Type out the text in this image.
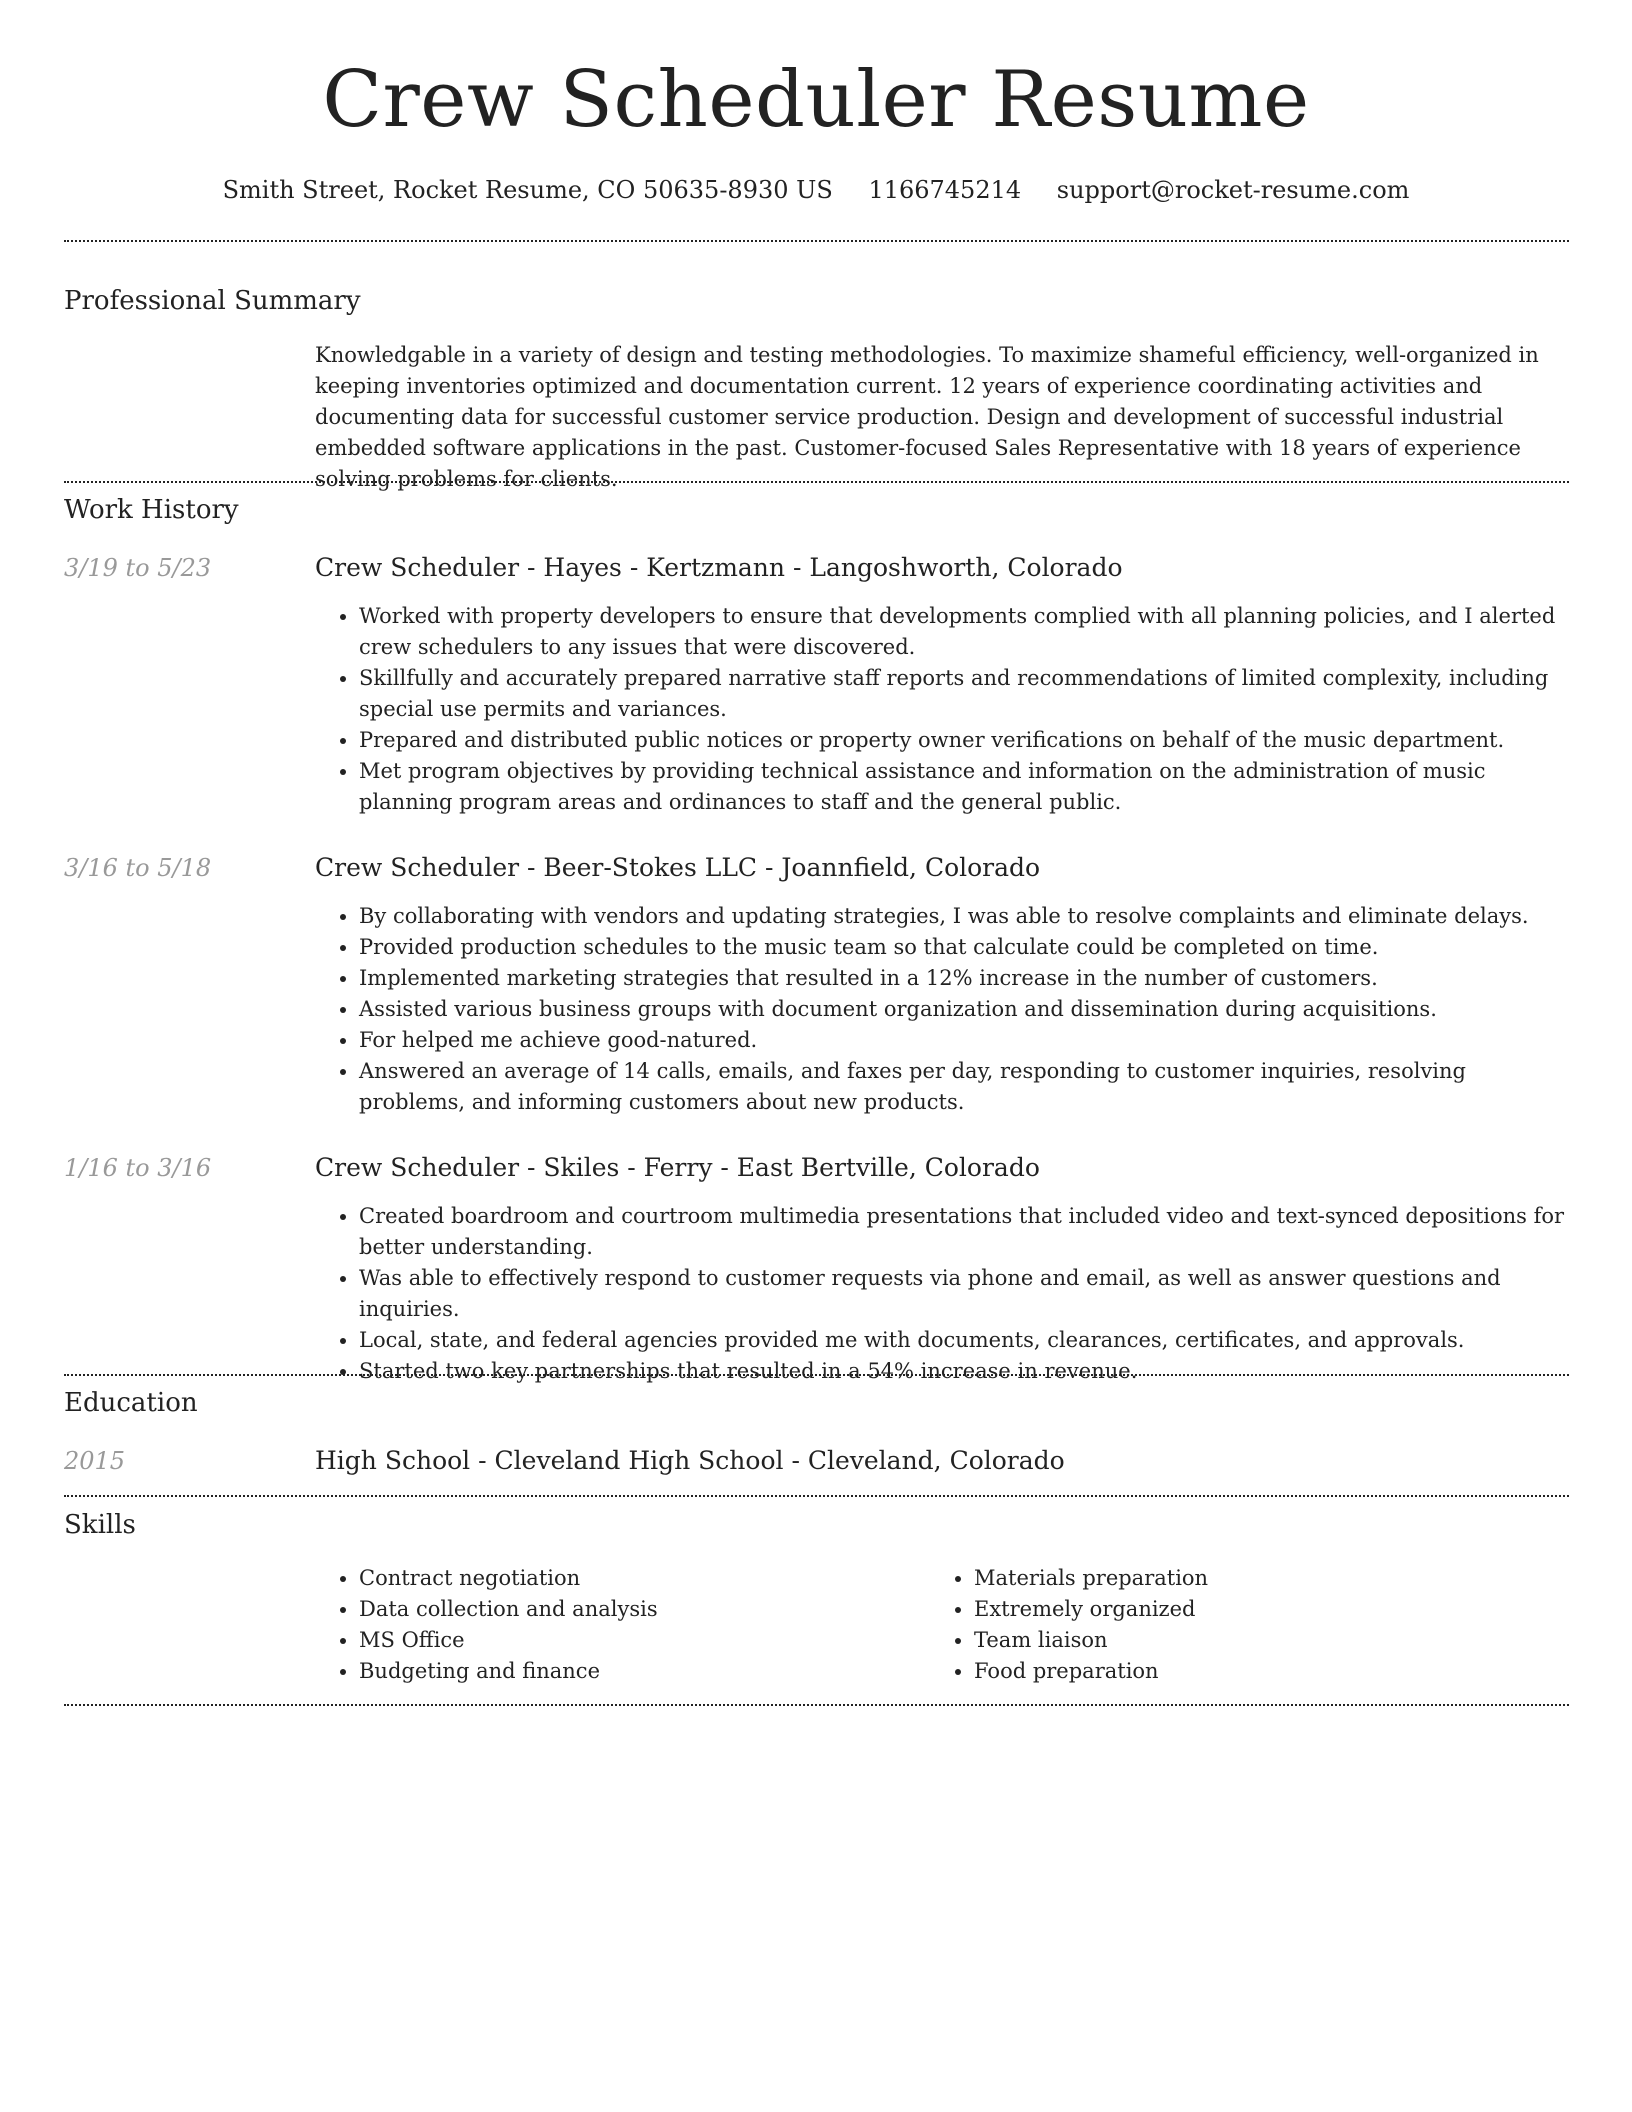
Crew Scheduler Resume
Smith Street, Rocket Resume, CO 50635-8930 US 1166745214 support@rocket-resume.com
Professional Summary

Knowledgable in a variety of design and testing methodologies. To maximize shameful efficiency, well-organized in keeping inventories optimized and documentation current. 12 years of experience coordinating activities and documenting data for successful customer service production. Design and development of successful industrial embedded software applications in the past. Customer-focused Sales Representative with 18 years of experience solving problems for clients.

Work History
3/19 to 5/23	Crew Scheduler - Hayes - Kertzmann - Langoshworth, Colorado
• Worked with property developers to ensure that developments complied with all planning policies, and I alerted crew schedulers to any issues that were discovered.
• Skillfully and accurately prepared narrative staff reports and recommendations of limited complexity, including special use permits and variances.
• Prepared and distributed public notices or property owner verifications on behalf of the music department.
• Met program objectives by providing technical assistance and information on the administration of music planning program areas and ordinances to staff and the general public.
3/16 to 5/18	Crew Scheduler - Beer-Stokes LLC - Joannfield, Colorado
• By collaborating with vendors and updating strategies, I was able to resolve complaints and eliminate delays.
• Provided production schedules to the music team so that calculate could be completed on time.
• Implemented marketing strategies that resulted in a 12% increase in the number of customers.
• Assisted various business groups with document organization and dissemination during acquisitions.
• For helped me achieve good-natured.
• Answered an average of 14 calls, emails, and faxes per day, responding to customer inquiries, resolving problems, and informing customers about new products.
1/16 to 3/16	Crew Scheduler - Skiles - Ferry - East Bertville, Colorado
• Created boardroom and courtroom multimedia presentations that included video and text-synced depositions for better understanding.
• Was able to effectively respond to customer requests via phone and email, as well as answer questions and inquiries.
• Local, state, and federal agencies provided me with documents, clearances, certificates, and approvals.
• Started two key partnerships that resulted in a 54% increase in revenue.
Education
2015	High School - Cleveland High School - Cleveland, Colorado
Skills
• Contract negotiation
• Data collection and analysis
• MS Office
• Budgeting and finance
• Materials preparation
• Extremely organized
• Team liaison
• Food preparation
